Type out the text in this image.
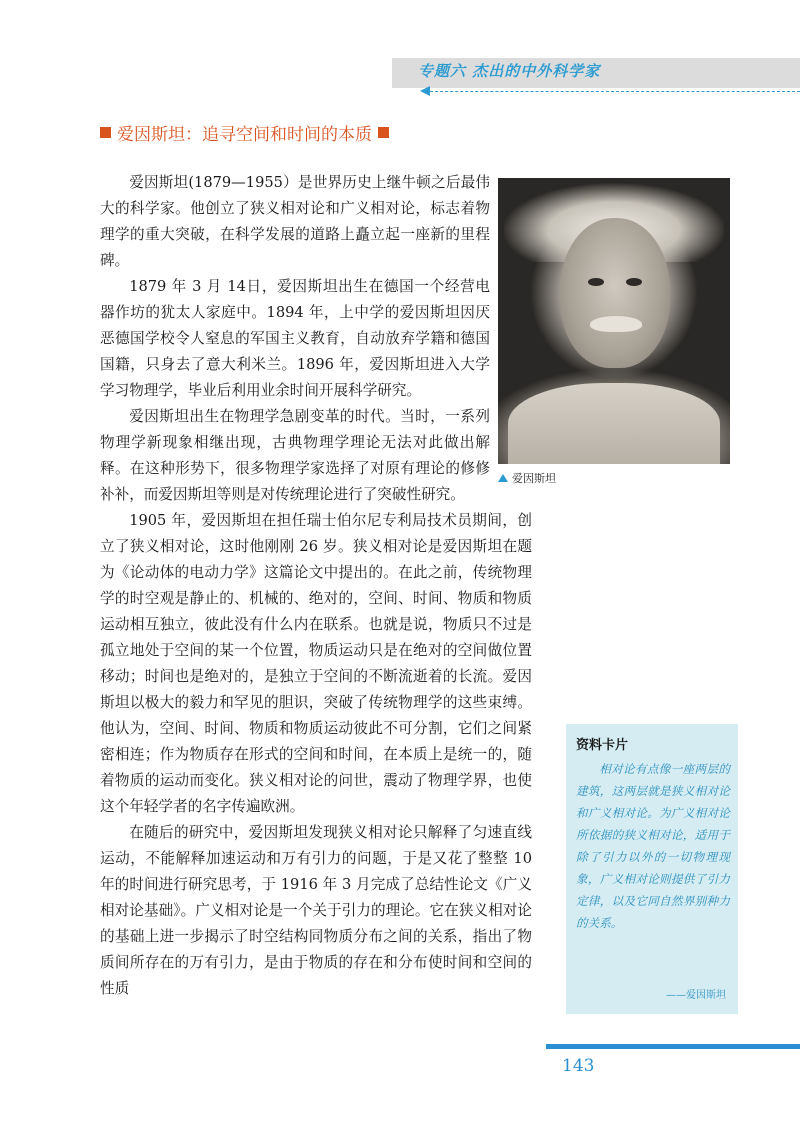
专题六 杰出的中外科学家
爱因斯坦：追寻空间和时间的本质

爱因斯坦(1879—1955）是世界历史上继牛顿之后最伟大的科学家。他创立了狭义相对论和广义相对论，标志着物理学的重大突破，在科学发展的道路上矗立起一座新的里程碑。

1879 年 3 月 14日，爱因斯坦出生在德国一个经营电器作坊的犹太人家庭中。1894 年，上中学的爱因斯坦因厌恶德国学校令人窒息的军国主义教育，自动放弃学籍和德国国籍，只身去了意大利米兰。1896 年，爱因斯坦进入大学学习物理学，毕业后利用业余时间开展科学研究。

爱因斯坦出生在物理学急剧变革的时代。当时，一系列物理学新现象相继出现，古典物理学理论无法对此做出解释。在这种形势下，很多物理学家选择了对原有理论的修修补补，而爱因斯坦等则是对传统理论进行了突破性研究。

1905 年，爱因斯坦在担任瑞士伯尔尼专利局技术员期间，创立了狭义相对论，这时他刚刚 26 岁。狭义相对论是爱因斯坦在题为《论动体的电动力学》这篇论文中提出的。在此之前，传统物理学的时空观是静止的、机械的、绝对的，空间、时间、物质和物质运动相互独立，彼此没有什么内在联系。也就是说，物质只不过是孤立地处于空间的某一个位置，物质运动只是在绝对的空间做位置移动；时间也是绝对的，是独立于空间的不断流逝着的长流。爱因斯坦以极大的毅力和罕见的胆识，突破了传统物理学的这些束缚。他认为，空间、时间、物质和物质运动彼此不可分割，它们之间紧密相连；作为物质存在形式的空间和时间，在本质上是统一的，随着物质的运动而变化。狭义相对论的问世，震动了物理学界，也使这个年轻学者的名字传遍欧洲。

在随后的研究中，爱因斯坦发现狭义相对论只解释了匀速直线运动，不能解释加速运动和万有引力的问题，于是又花了整整 10 年的时间进行研究思考，于 1916 年 3 月完成了总结性论文《广义相对论基础》。广义相对论是一个关于引力的理论。它在狭义相对论的基础上进一步揭示了时空结构同物质分布之间的关系，指出了物质间所存在的万有引力，是由于物质的存在和分布使时间和空间的性质

爱因斯坦
资料卡片
相对论有点像一座两层的建筑，这两层就是狭义相对论和广义相对论。为广义相对论所依据的狭义相对论，适用于除了引力以外的一切物理现象，广义相对论则提供了引力定律，以及它同自然界别种力的关系。
——爱因斯坦
143
